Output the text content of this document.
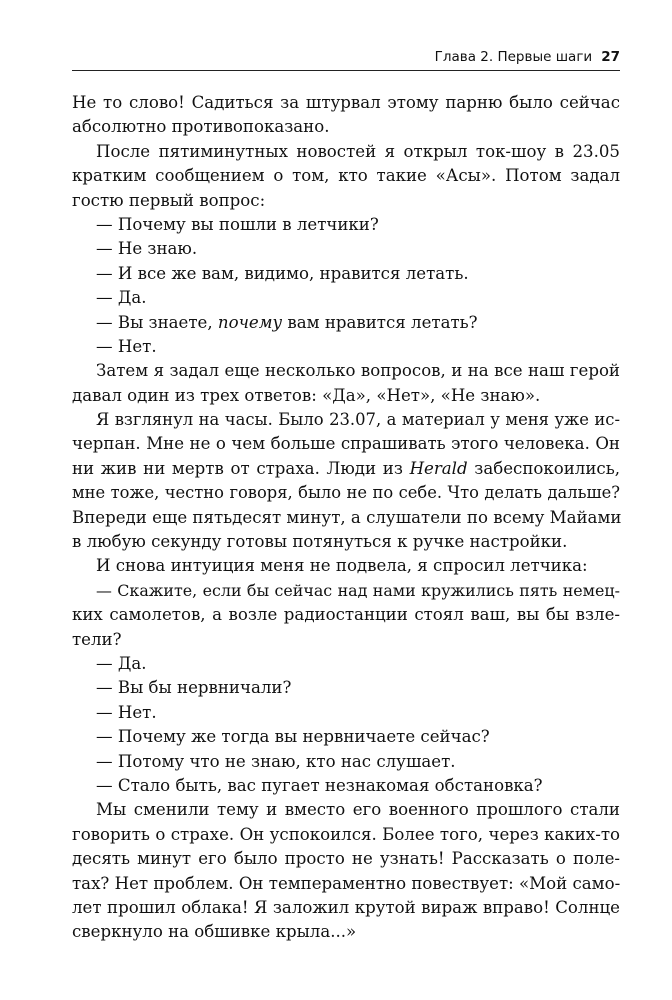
Глава 2. Первые шаги 27
Не то слово! Садиться за штурвал этому парню было сейчас
абсолютно противопоказано.
После пятиминутных новостей я открыл ток-шоу в 23.05
кратким сообщением о том, кто такие «Асы». Потом задал
гостю первый вопрос:
— Почему вы пошли в летчики?
— Не знаю.
— И все же вам, видимо, нравится летать.
— Да.
— Вы знаете, почему вам нравится летать?
— Нет.
Затем я задал еще несколько вопросов, и на все наш герой
давал один из трех ответов: «Да», «Нет», «Не знаю».
Я взглянул на часы. Было 23.07, а материал у меня уже ис-
черпан. Мне не о чем больше спрашивать этого человека. Он
ни жив ни мертв от страха. Люди из Herald забеспокоились,
мне тоже, честно говоря, было не по себе. Что делать дальше?
Впереди еще пятьдесят минут, а слушатели по всему Майами
в любую секунду готовы потянуться к ручке настройки.
И снова интуиция меня не подвела, я спросил летчика:
— Скажите, если бы сейчас над нами кружились пять немец-
ких самолетов, а возле радиостанции стоял ваш, вы бы взле-
тели?
— Да.
— Вы бы нервничали?
— Нет.
— Почему же тогда вы нервничаете сейчас?
— Потому что не знаю, кто нас слушает.
— Стало быть, вас пугает незнакомая обстановка?
Мы сменили тему и вместо его военного прошлого стали
говорить о страхе. Он успокоился. Более того, через каких-то
десять минут его было просто не узнать! Рассказать о поле-
тах? Нет проблем. Он темпераментно повествует: «Мой само-
лет прошил облака! Я заложил крутой вираж вправо! Солнце
сверкнуло на обшивке крыла...»
